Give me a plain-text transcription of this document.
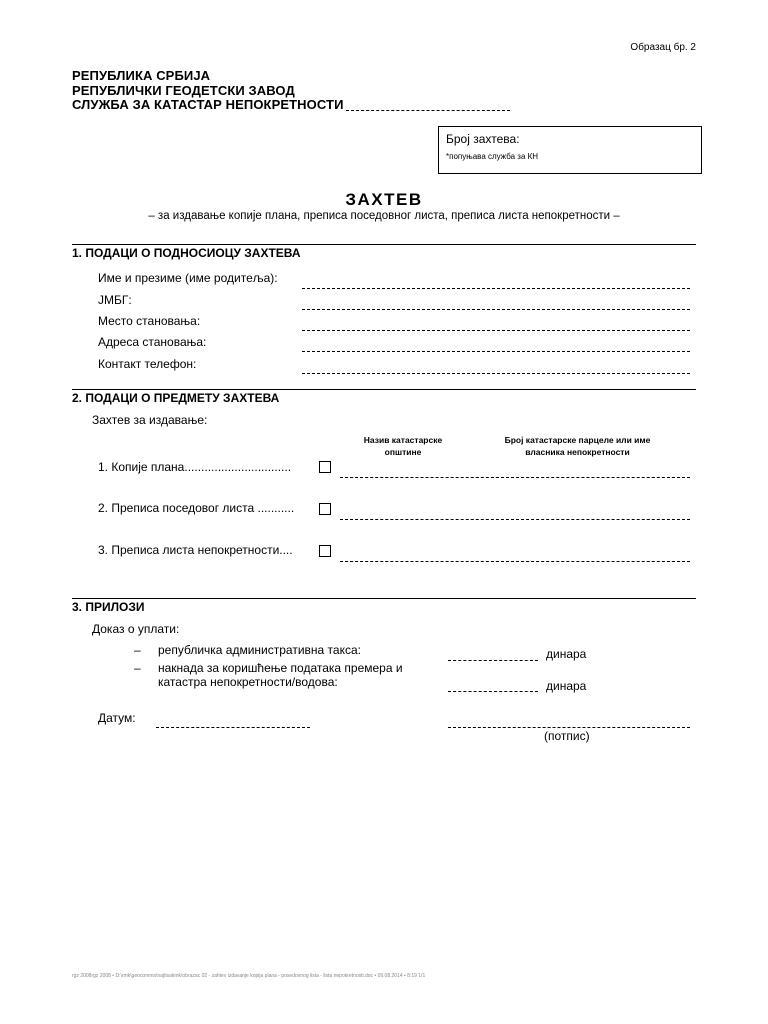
Образац бр. 2
РЕПУБЛИКА СРБИЈА
РЕПУБЛИЧКИ ГЕОДЕТСКИ ЗАВОД
СЛУЖБА ЗА КАТАСТАР НЕПОКРЕТНОСТИ
Број захтева:
*попуњава служба за КН
ЗАХТЕВ
– за издавање копије плана, преписа поседовног листа, преписа листа непокретности –
1. ПОДАЦИ О ПОДНОСИОЦУ ЗАХТЕВА
Име и презиме (име родитеља):
ЈМБГ:
Место становања:
Адреса становања:
Контакт телефон:
2. ПОДАЦИ О ПРЕДМЕТУ ЗАХТЕВА
Захтев за издавање:
Назив катастарске општине
Број катастарске парцеле или име власника непокретности
1. Копије плана................................
2. Преписа поседовог листа ...........
3. Преписа листа непокретности....
3. ПРИЛОЗИ
Доказ о уплати:
– републичка административна такса:	динара
– накнада за коришћење података премера и
катастра непокретности/водова:	динара
Датум:
(потпис)
rgz 2008rgz 2008 • D:\rmk\geocomms\najtisakmk\obrazac 02 - zahtev izdavanje kopija plana - posedovnog lista - lista nepokretnosti.doc • 09.08.2014 • 8:19 1/1
